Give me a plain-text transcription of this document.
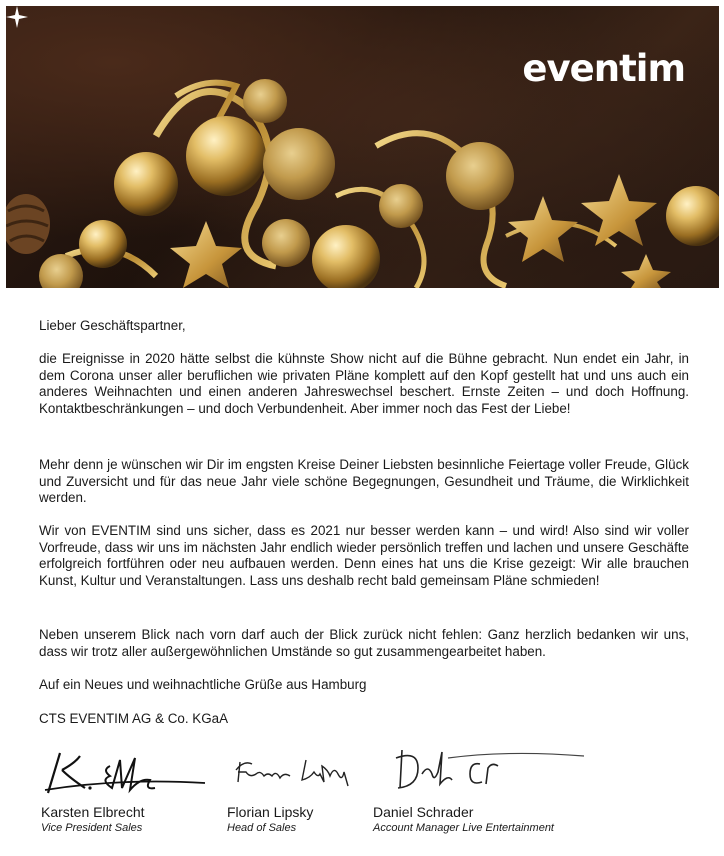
eventim
Lieber Geschäftspartner,
die Ereignisse in 2020 hätte selbst die kühnste Show nicht auf die Bühne gebracht. Nun endet ein Jahr, in dem Corona unser aller beruflichen wie privaten Pläne komplett auf den Kopf gestellt hat und uns auch ein anderes Weihnachten und einen anderen Jahreswechsel beschert. Ernste Zeiten – und doch Hoffnung. Kontaktbeschränkungen – und doch Verbundenheit. Aber immer noch das Fest der Liebe!
Mehr denn je wünschen wir Dir im engsten Kreise Deiner Liebsten besinnliche Feiertage voller Freude, Glück und Zuversicht und für das neue Jahr viele schöne Begegnungen, Gesundheit und Träume, die Wirklichkeit werden.
Wir von EVENTIM sind uns sicher, dass es 2021 nur besser werden kann – und wird! Also sind wir voller Vorfreude, dass wir uns im nächsten Jahr endlich wieder persönlich treffen und lachen und unsere Geschäfte erfolgreich fortführen oder neu aufbauen werden. Denn eines hat uns die Krise gezeigt: Wir alle brauchen Kunst, Kultur und Veranstaltungen. Lass uns deshalb recht bald gemeinsam Pläne schmieden!
Neben unserem Blick nach vorn darf auch der Blick zurück nicht fehlen: Ganz herzlich bedanken wir uns, dass wir trotz aller außergewöhnlichen Umstände so gut zusammengearbeitet haben.
Auf ein Neues und weihnachtliche Grüße aus Hamburg
CTS EVENTIM AG & Co. KGaA
Karsten Elbrecht
Vice President Sales
Florian Lipsky
Head of Sales
Daniel Schrader
Account Manager Live Entertainment
